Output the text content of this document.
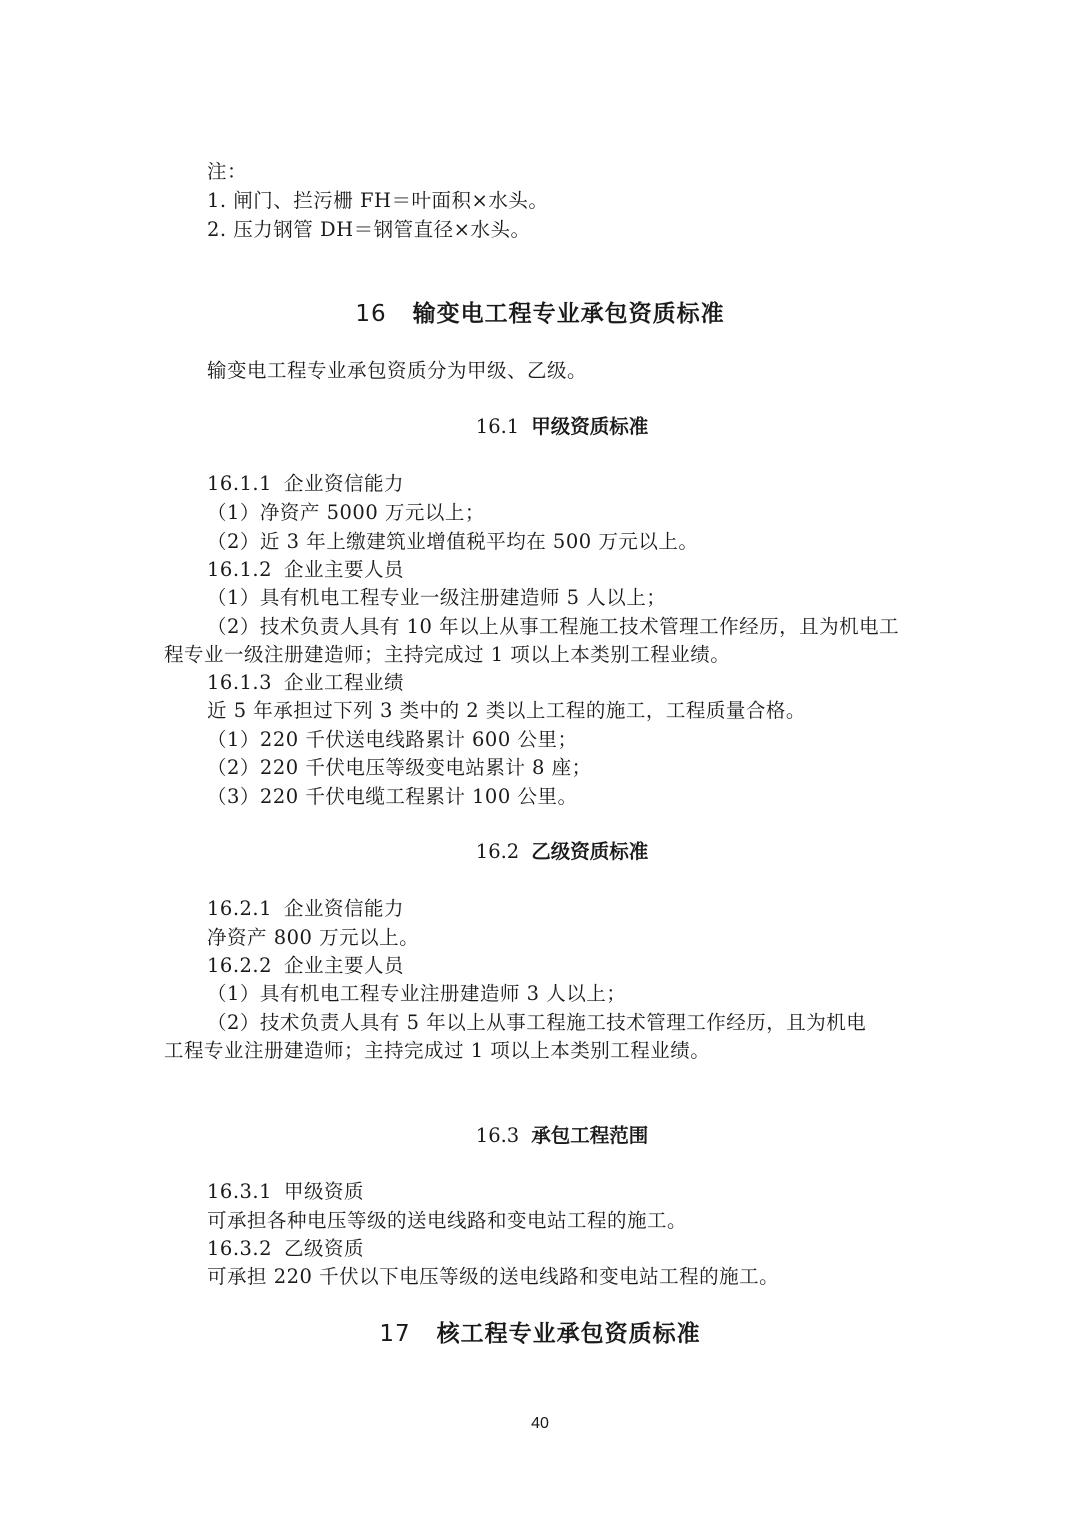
注：
1. 闸门、拦污栅 FH＝叶面积×水头。
2. 压力钢管 DH＝钢管直径×水头。
16 输变电工程专业承包资质标准
输变电工程专业承包资质分为甲级、乙级。
16.1 甲级资质标准
16.1.1 企业资信能力
（1）净资产 5000 万元以上；
（2）近 3 年上缴建筑业增值税平均在 500 万元以上。
16.1.2 企业主要人员
（1）具有机电工程专业一级注册建造师 5 人以上；
（2）技术负责人具有 10 年以上从事工程施工技术管理工作经历，且为机电工
程专业一级注册建造师；主持完成过 1 项以上本类别工程业绩。
16.1.3 企业工程业绩
近 5 年承担过下列 3 类中的 2 类以上工程的施工，工程质量合格。
（1）220 千伏送电线路累计 600 公里；
（2）220 千伏电压等级变电站累计 8 座；
（3）220 千伏电缆工程累计 100 公里。
16.2 乙级资质标准
16.2.1 企业资信能力
净资产 800 万元以上。
16.2.2 企业主要人员
（1）具有机电工程专业注册建造师 3 人以上；
（2）技术负责人具有 5 年以上从事工程施工技术管理工作经历，且为机电
工程专业注册建造师；主持完成过 1 项以上本类别工程业绩。
16.3 承包工程范围
16.3.1 甲级资质
可承担各种电压等级的送电线路和变电站工程的施工。
16.3.2 乙级资质
可承担 220 千伏以下电压等级的送电线路和变电站工程的施工。
17 核工程专业承包资质标准
40
